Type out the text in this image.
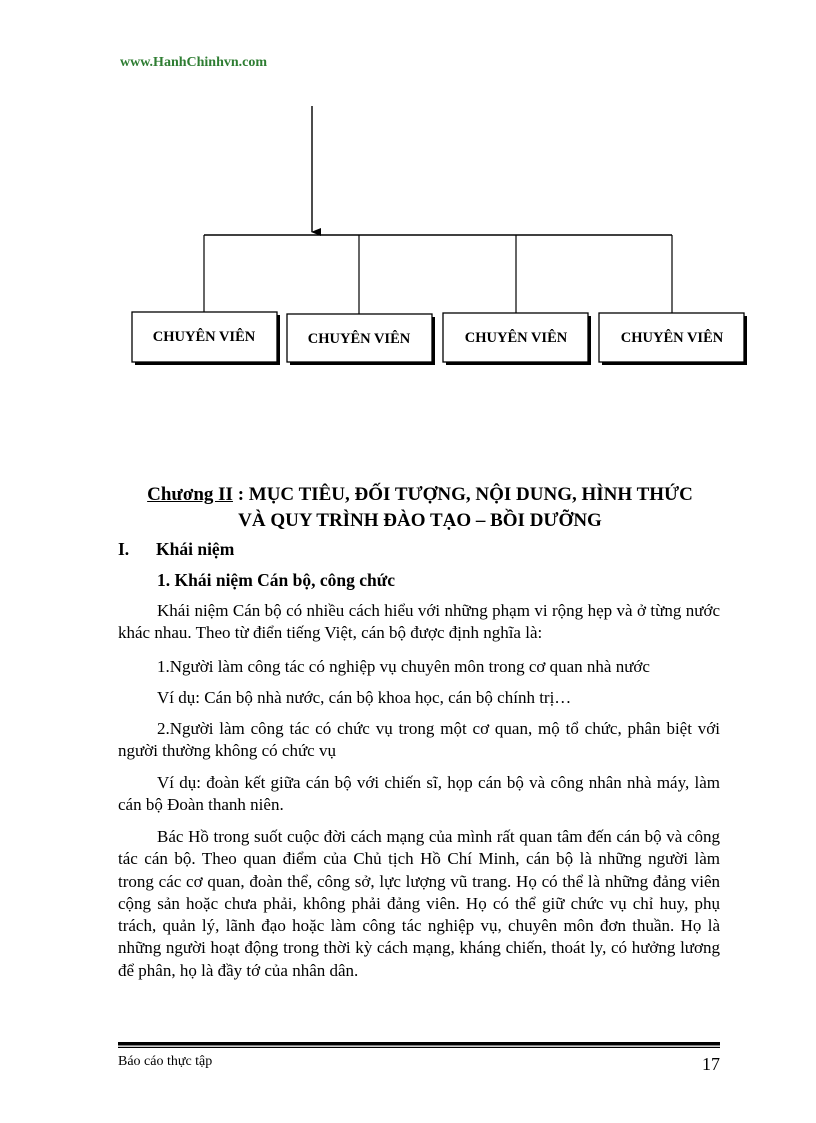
www.HanhChinhvn.com
CHUYÊN VIÊN	CHUYÊN VIÊN	CHUYÊN VIÊN	CHUYÊN VIÊN
Chương II : MỤC TIÊU, ĐỐI TƯỢNG, NỘI DUNG, HÌNH THỨC
VÀ QUY TRÌNH ĐÀO TẠO – BỒI DƯỠNG
I. Khái niệm
1. Khái niệm Cán bộ, công chức

Khái niệm Cán bộ có nhiều cách hiểu với những phạm vi rộng hẹp và ở từng nước khác nhau. Theo từ điển tiếng Việt, cán bộ được định nghĩa là:

1.Người làm công tác có nghiệp vụ chuyên môn trong cơ quan nhà nước

Ví dụ: Cán bộ nhà nước, cán bộ khoa học, cán bộ chính trị…

2.Người làm công tác có chức vụ trong một cơ quan, mộ tổ chức, phân biệt với người thường không có chức vụ

Ví dụ: đoàn kết giữa cán bộ với chiến sĩ, họp cán bộ và công nhân nhà máy, làm cán bộ Đoàn thanh niên.

Bác Hồ trong suốt cuộc đời cách mạng của mình rất quan tâm đến cán bộ và công tác cán bộ. Theo quan điểm của Chủ tịch Hồ Chí Minh, cán bộ là những người làm trong các cơ quan, đoàn thể, công sở, lực lượng vũ trang. Họ có thể là những đảng viên cộng sản hoặc chưa phải, không phải đảng viên. Họ có thể giữ chức vụ chỉ huy, phụ trách, quản lý, lãnh đạo hoặc làm công tác nghiệp vụ, chuyên môn đơn thuần. Họ là những người hoạt động trong thời kỳ cách mạng, kháng chiến, thoát ly, có hưởng lương để phân, họ là đầy tớ của nhân dân.

Báo cáo thực tập	17
